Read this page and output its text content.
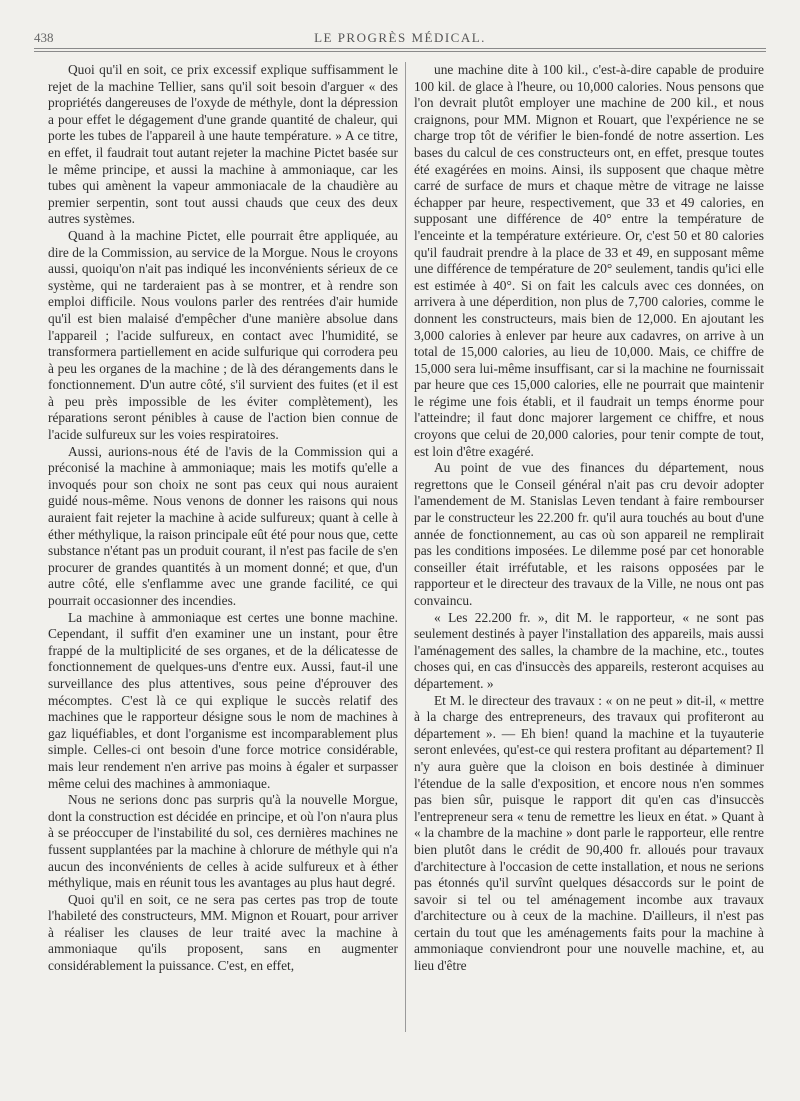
438	LE PROGRÈS MÉDICAL.

Quoi qu'il en soit, ce prix excessif explique suffisamment le rejet de la machine Tellier, sans qu'il soit besoin d'arguer « des propriétés dangereuses de l'oxyde de méthyle, dont la dépression a pour effet le dégagement d'une grande quantité de chaleur, qui porte les tubes de l'appareil à une haute température. » A ce titre, en effet, il faudrait tout autant rejeter la machine Pictet basée sur le même principe, et aussi la machine à ammoniaque, car les tubes qui amènent la vapeur ammoniacale de la chaudière au premier serpentin, sont tout aussi chauds que ceux des deux autres systèmes.

Quand à la machine Pictet, elle pourrait être appliquée, au dire de la Commission, au service de la Morgue. Nous le croyons aussi, quoiqu'on n'ait pas indiqué les inconvénients sérieux de ce système, qui ne tarderaient pas à se montrer, et à rendre son emploi difficile. Nous voulons parler des rentrées d'air humide qu'il est bien malaisé d'empêcher d'une manière absolue dans l'appareil ; l'acide sulfureux, en contact avec l'humidité, se transformera partiellement en acide sulfurique qui corrodera peu à peu les organes de la machine ; de là des dérangements dans le fonctionnement. D'un autre côté, s'il survient des fuites (et il est à peu près impossible de les éviter complètement), les réparations seront pénibles à cause de l'action bien connue de l'acide sulfureux sur les voies respiratoires.

Aussi, aurions-nous été de l'avis de la Commission qui a préconisé la machine à ammoniaque; mais les motifs qu'elle a invoqués pour son choix ne sont pas ceux qui nous auraient guidé nous-même. Nous venons de donner les raisons qui nous auraient fait rejeter la machine à acide sulfureux; quant à celle à éther méthylique, la raison principale eût été pour nous que, cette substance n'étant pas un produit courant, il n'est pas facile de s'en procurer de grandes quantités à un moment donné; et que, d'un autre côté, elle s'enflamme avec une grande facilité, ce qui pourrait occasionner des incendies.

La machine à ammoniaque est certes une bonne machine. Cependant, il suffit d'en examiner une un instant, pour être frappé de la multiplicité de ses organes, et de la délicatesse de fonctionnement de quelques-uns d'entre eux. Aussi, faut-il une surveillance des plus attentives, sous peine d'éprouver des mécomptes. C'est là ce qui explique le succès relatif des machines que le rapporteur désigne sous le nom de machines à gaz liquéfiables, et dont l'organisme est incomparablement plus simple. Celles-ci ont besoin d'une force motrice considérable, mais leur rendement n'en arrive pas moins à égaler et surpasser même celui des machines à ammoniaque.

Nous ne serions donc pas surpris qu'à la nouvelle Morgue, dont la construction est décidée en principe, et où l'on n'aura plus à se préoccuper de l'instabilité du sol, ces dernières machines ne fussent supplantées par la machine à chlorure de méthyle qui n'a aucun des inconvénients de celles à acide sulfureux et à éther méthylique, mais en réunit tous les avantages au plus haut degré.

Quoi qu'il en soit, ce ne sera pas certes pas trop de toute l'habileté des constructeurs, MM. Mignon et Rouart, pour arriver à réaliser les clauses de leur traité avec la machine à ammoniaque qu'ils proposent, sans en augmenter considérablement la puissance. C'est, en effet,

une machine dite à 100 kil., c'est-à-dire capable de produire 100 kil. de glace à l'heure, ou 10,000 calories. Nous pensons que l'on devrait plutôt employer une machine de 200 kil., et nous craignons, pour MM. Mignon et Rouart, que l'expérience ne se charge trop tôt de vérifier le bien-fondé de notre assertion. Les bases du calcul de ces constructeurs ont, en effet, presque toutes été exagérées en moins. Ainsi, ils supposent que chaque mètre carré de surface de murs et chaque mètre de vitrage ne laisse échapper par heure, respectivement, que 33 et 49 calories, en supposant une différence de 40° entre la température de l'enceinte et la température extérieure. Or, c'est 50 et 80 calories qu'il faudrait prendre à la place de 33 et 49, en supposant même une différence de température de 20° seulement, tandis qu'ici elle est estimée à 40°. Si on fait les calculs avec ces données, on arrivera à une déperdition, non plus de 7,700 calories, comme le donnent les constructeurs, mais bien de 12,000. En ajoutant les 3,000 calories à enlever par heure aux cadavres, on arrive à un total de 15,000 calories, au lieu de 10,000. Mais, ce chiffre de 15,000 sera lui-même insuffisant, car si la machine ne fournissait par heure que ces 15,000 calories, elle ne pourrait que maintenir le régime une fois établi, et il faudrait un temps énorme pour l'atteindre; il faut donc majorer largement ce chiffre, et nous croyons que celui de 20,000 calories, pour tenir compte de tout, est loin d'être exagéré.

Au point de vue des finances du département, nous regrettons que le Conseil général n'ait pas cru devoir adopter l'amendement de M. Stanislas Leven tendant à faire rembourser par le constructeur les 22.200 fr. qu'il aura touchés au bout d'une année de fonctionnement, au cas où son appareil ne remplirait pas les conditions imposées. Le dilemme posé par cet honorable conseiller était irréfutable, et les raisons opposées par le rapporteur et le directeur des travaux de la Ville, ne nous ont pas convaincu.

« Les 22.200 fr. », dit M. le rapporteur, « ne sont pas seulement destinés à payer l'installation des appareils, mais aussi l'aménagement des salles, la chambre de la machine, etc., toutes choses qui, en cas d'insuccès des appareils, resteront acquises au département. »

Et M. le directeur des travaux : « on ne peut » dit-il, « mettre à la charge des entrepreneurs, des travaux qui profiteront au département ». — Eh bien! quand la machine et la tuyauterie seront enlevées, qu'est-ce qui restera profitant au département? Il n'y aura guère que la cloison en bois destinée à diminuer l'étendue de la salle d'exposition, et encore nous n'en sommes pas bien sûr, puisque le rapport dit qu'en cas d'insuccès l'entrepreneur sera « tenu de remettre les lieux en état. » Quant à « la chambre de la machine » dont parle le rapporteur, elle rentre bien plutôt dans le crédit de 90,400 fr. alloués pour travaux d'architecture à l'occasion de cette installation, et nous ne serions pas étonnés qu'il survînt quelques désaccords sur le point de savoir si tel ou tel aménagement incombe aux travaux d'architecture ou à ceux de la machine. D'ailleurs, il n'est pas certain du tout que les aménagements faits pour la machine à ammoniaque conviendront pour une nouvelle machine, et, au lieu d'être
